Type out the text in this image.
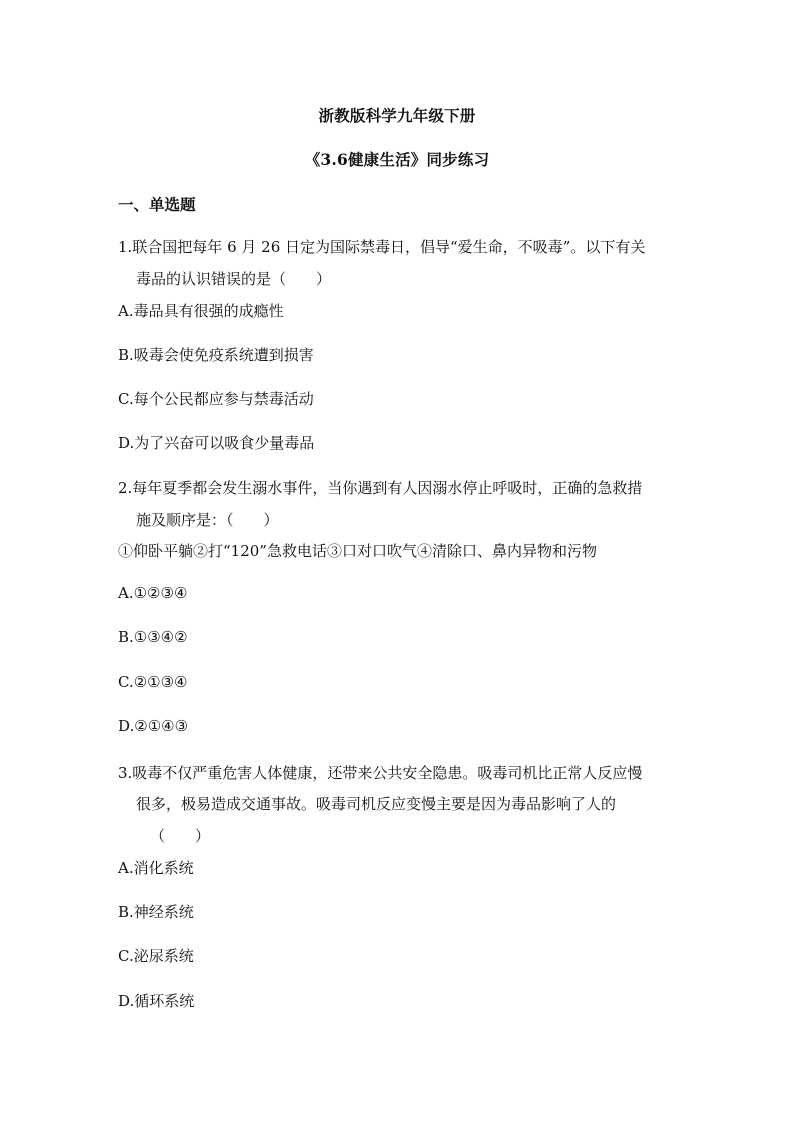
浙教版科学九年级下册
《3.6健康生活》同步练习
一、单选题
1.联合国把每年 6 月 26 日定为国际禁毒日，倡导“爱生命，不吸毒”。以下有关
毒品的认识错误的是（　　）
A.毒品具有很强的成瘾性
B.吸毒会使免疫系统遭到损害
C.每个公民都应参与禁毒活动
D.为了兴奋可以吸食少量毒品
2.每年夏季都会发生溺水事件，当你遇到有人因溺水停止呼吸时，正确的急救措
施及顺序是：（　　）
①仰卧平躺②打“120”急救电话③口对口吹气④清除口、鼻内异物和污物
A.①②③④
B.①③④②
C.②①③④
D.②①④③
3.吸毒不仅严重危害人体健康，还带来公共安全隐患。吸毒司机比正常人反应慢
很多，极易造成交通事故。吸毒司机反应变慢主要是因为毒品影响了人的
（　　）
A.消化系统
B.神经系统
C.泌尿系统
D.循环系统
